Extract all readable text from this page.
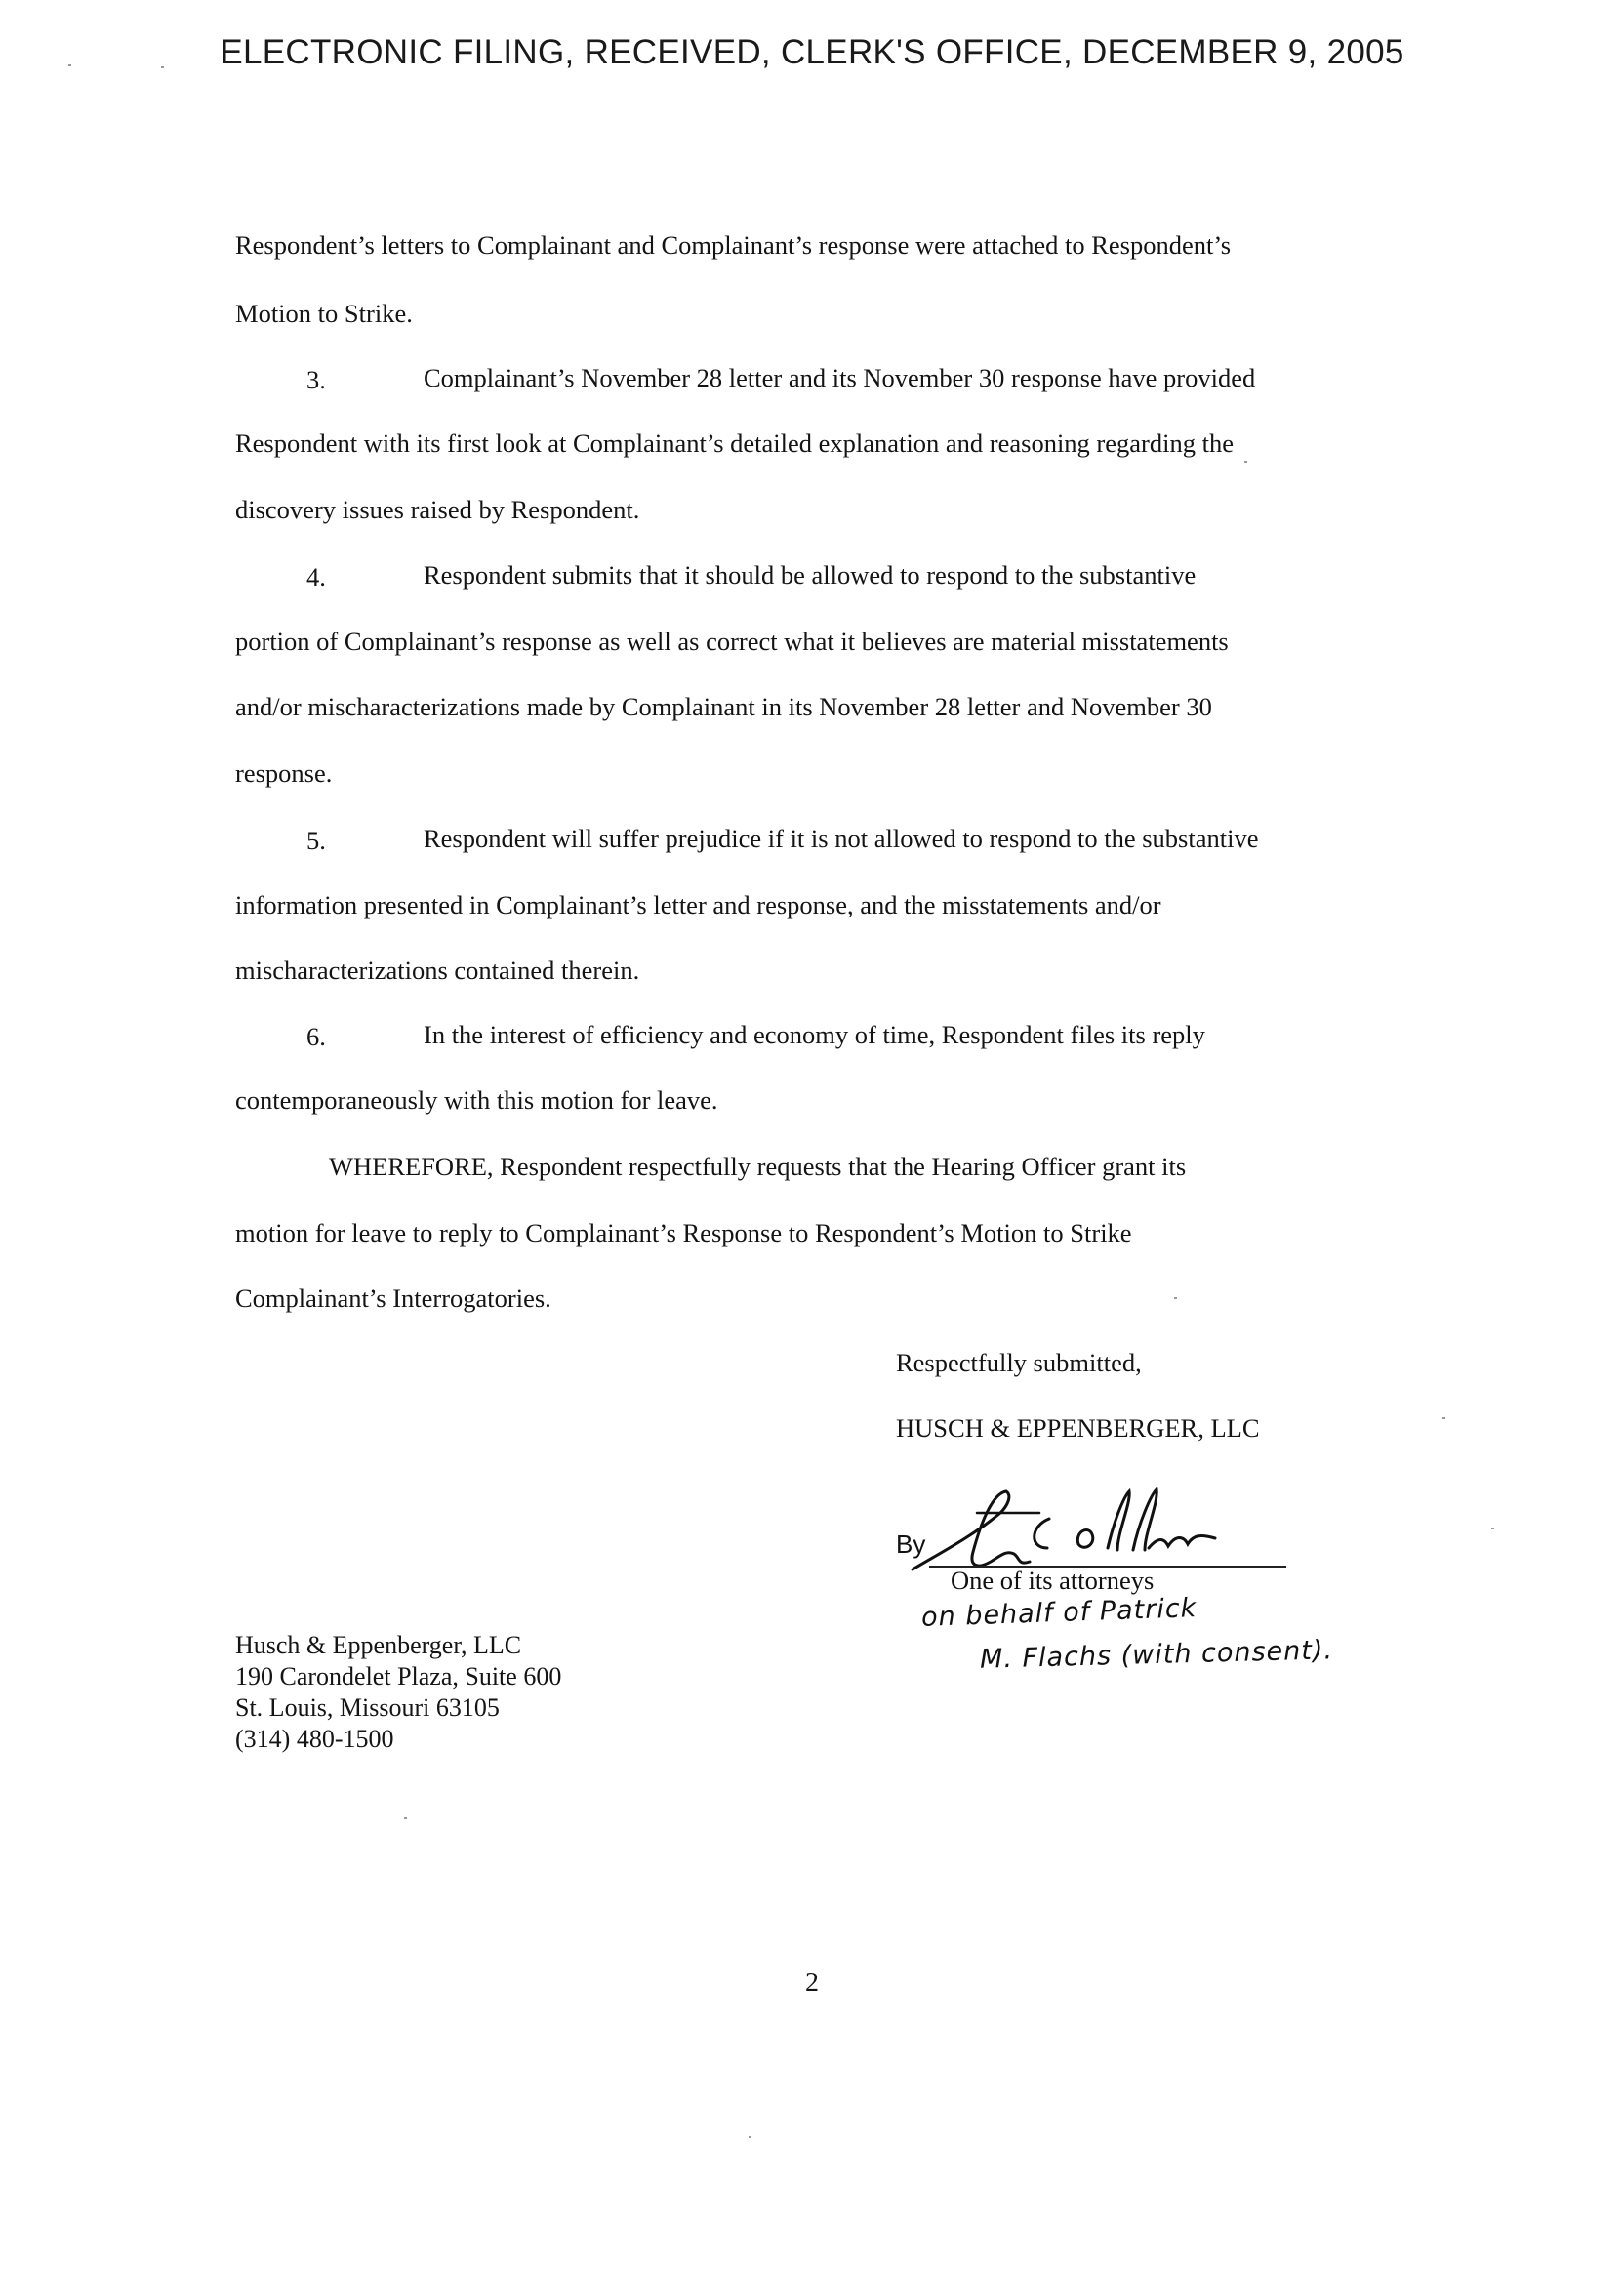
ELECTRONIC FILING, RECEIVED, CLERK'S OFFICE, DECEMBER 9, 2005
Respondent’s letters to Complainant and Complainant’s response were attached to Respondent’s
Motion to Strike.
3.	Complainant’s November 28 letter and its November 30 response have provided
Respondent with its first look at Complainant’s detailed explanation and reasoning regarding the
discovery issues raised by Respondent.
4.	Respondent submits that it should be allowed to respond to the substantive
portion of Complainant’s response as well as correct what it believes are material misstatements
and/or mischaracterizations made by Complainant in its November 28 letter and November 30
response.
5.	Respondent will suffer prejudice if it is not allowed to respond to the substantive
information presented in Complainant’s letter and response, and the misstatements and/or
mischaracterizations contained therein.
6.	In the interest of efficiency and economy of time, Respondent files its reply
contemporaneously with this motion for leave.
WHEREFORE, Respondent respectfully requests that the Hearing Officer grant its
motion for leave to reply to Complainant’s Response to Respondent’s Motion to Strike
Complainant’s Interrogatories.
Respectfully submitted,
HUSCH & EPPENBERGER, LLC
By
One of its attorneys
on behalf of Patrick
M. Flachs (with consent).
Husch & Eppenberger, LLC
190 Carondelet Plaza, Suite 600
St. Louis, Missouri 63105
(314) 480-1500
2
